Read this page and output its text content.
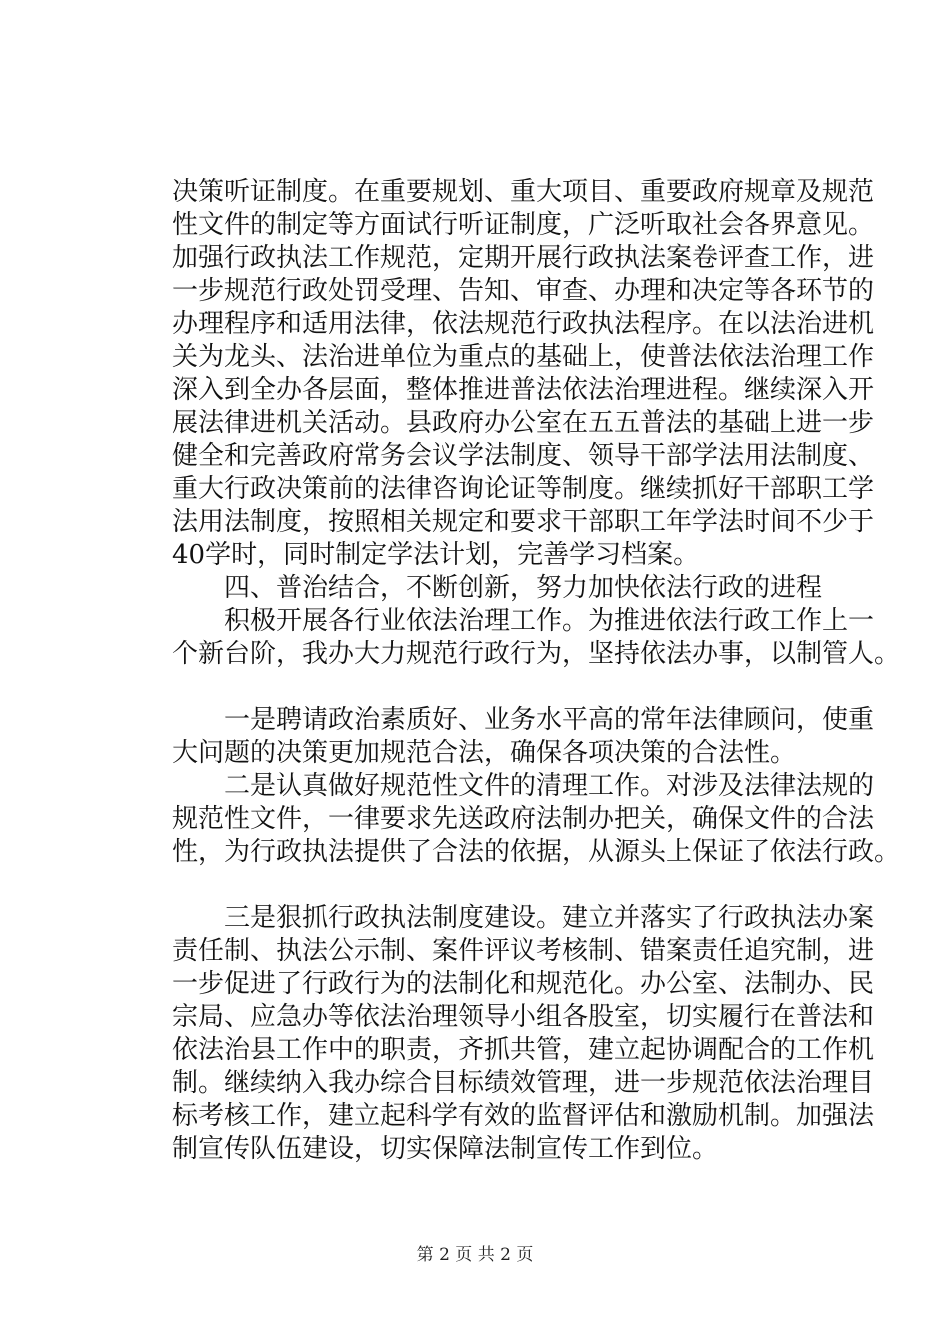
决策听证制度。在重要规划、重大项目、重要政府规章及规范
性文件的制定等方面试行听证制度，广泛听取社会各界意见。
加强行政执法工作规范，定期开展行政执法案卷评查工作，进
一步规范行政处罚受理、告知、审查、办理和决定等各环节的
办理程序和适用法律，依法规范行政执法程序。在以法治进机
关为龙头、法治进单位为重点的基础上，使普法依法治理工作
深入到全办各层面，整体推进普法依法治理进程。继续深入开
展法律进机关活动。县政府办公室在五五普法的基础上进一步
健全和完善政府常务会议学法制度、领导干部学法用法制度、
重大行政决策前的法律咨询论证等制度。继续抓好干部职工学
法用法制度，按照相关规定和要求干部职工年学法时间不少于
40学时，同时制定学法计划，完善学习档案。
四、普治结合，不断创新，努力加快依法行政的进程
积极开展各行业依法治理工作。为推进依法行政工作上一
个新台阶，我办大力规范行政行为，坚持依法办事，以制管人。
一是聘请政治素质好、业务水平高的常年法律顾问，使重
大问题的决策更加规范合法，确保各项决策的合法性。
二是认真做好规范性文件的清理工作。对涉及法律法规的
规范性文件，一律要求先送政府法制办把关，确保文件的合法
性，为行政执法提供了合法的依据，从源头上保证了依法行政。
三是狠抓行政执法制度建设。建立并落实了行政执法办案
责任制、执法公示制、案件评议考核制、错案责任追究制，进
一步促进了行政行为的法制化和规范化。办公室、法制办、民
宗局、应急办等依法治理领导小组各股室，切实履行在普法和
依法治县工作中的职责，齐抓共管，建立起协调配合的工作机
制。继续纳入我办综合目标绩效管理，进一步规范依法治理目
标考核工作，建立起科学有效的监督评估和激励机制。加强法
制宣传队伍建设，切实保障法制宣传工作到位。
第 2 页 共 2 页
